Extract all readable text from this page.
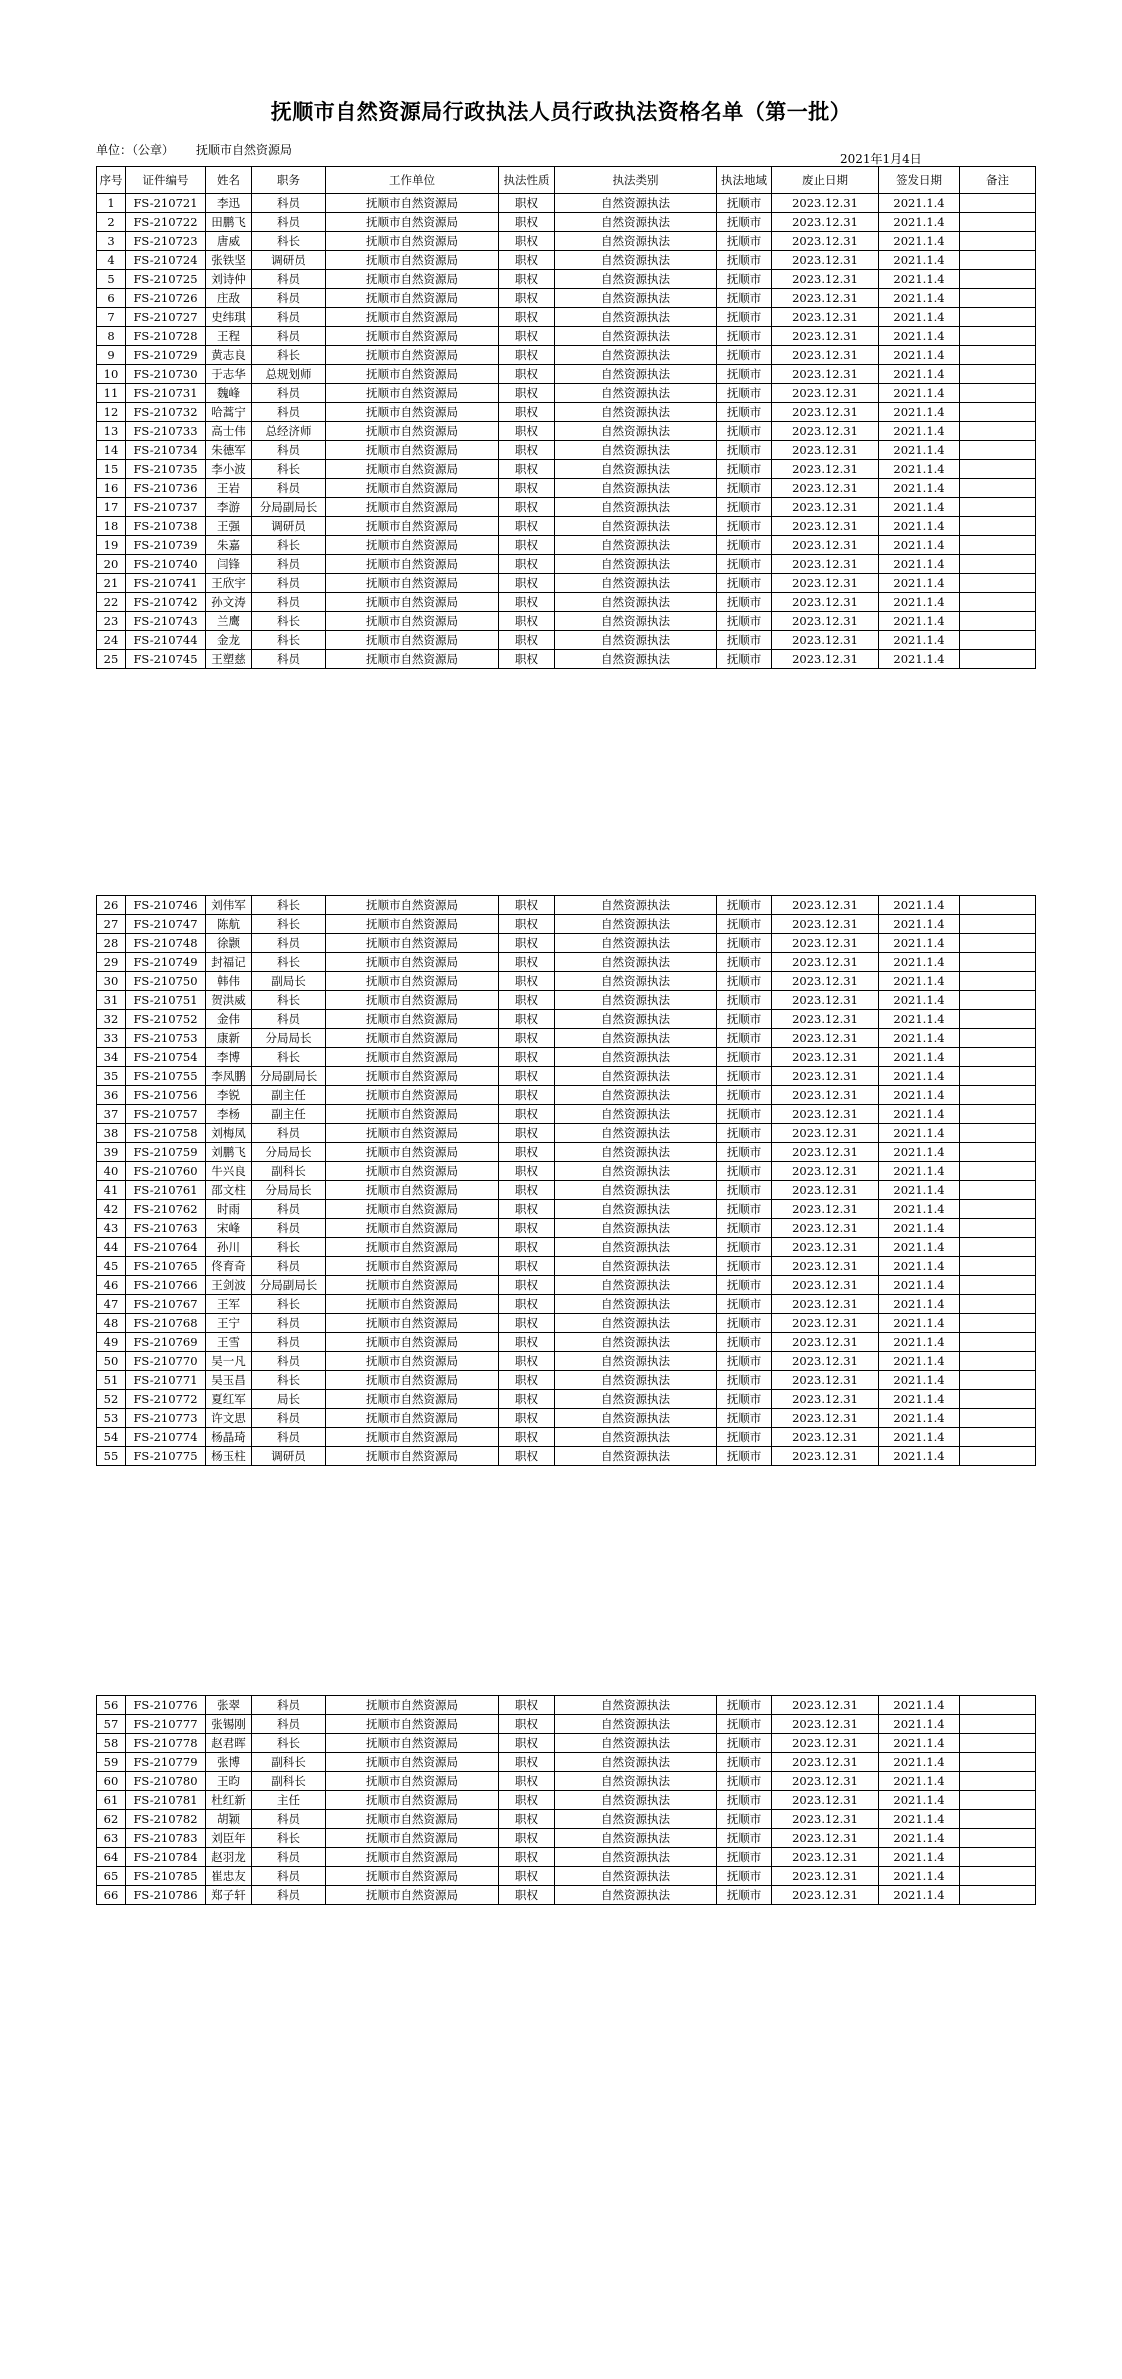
抚顺市自然资源局行政执法人员行政执法资格名单（第一批）
单位：（公章） 抚顺市自然资源局
2021年1月4日
序号	证件编号	姓名	职务	工作单位	执法性质	执法类别	执法地域	废止日期	签发日期	备注
1	FS-210721	李迅	科员	抚顺市自然资源局	职权	自然资源执法	抚顺市	2023.12.31	2021.1.4	
2	FS-210722	田鹏飞	科员	抚顺市自然资源局	职权	自然资源执法	抚顺市	2023.12.31	2021.1.4	
3	FS-210723	唐威	科长	抚顺市自然资源局	职权	自然资源执法	抚顺市	2023.12.31	2021.1.4	
4	FS-210724	张铁坚	调研员	抚顺市自然资源局	职权	自然资源执法	抚顺市	2023.12.31	2021.1.4	
5	FS-210725	刘诗仲	科员	抚顺市自然资源局	职权	自然资源执法	抚顺市	2023.12.31	2021.1.4	
6	FS-210726	庄敌	科员	抚顺市自然资源局	职权	自然资源执法	抚顺市	2023.12.31	2021.1.4	
7	FS-210727	史纬琪	科员	抚顺市自然资源局	职权	自然资源执法	抚顺市	2023.12.31	2021.1.4	
8	FS-210728	王程	科员	抚顺市自然资源局	职权	自然资源执法	抚顺市	2023.12.31	2021.1.4	
9	FS-210729	黄志良	科长	抚顺市自然资源局	职权	自然资源执法	抚顺市	2023.12.31	2021.1.4	
10	FS-210730	于志华	总规划师	抚顺市自然资源局	职权	自然资源执法	抚顺市	2023.12.31	2021.1.4	
11	FS-210731	魏峰	科员	抚顺市自然资源局	职权	自然资源执法	抚顺市	2023.12.31	2021.1.4	
12	FS-210732	哈蒿宁	科员	抚顺市自然资源局	职权	自然资源执法	抚顺市	2023.12.31	2021.1.4	
13	FS-210733	高士伟	总经济师	抚顺市自然资源局	职权	自然资源执法	抚顺市	2023.12.31	2021.1.4	
14	FS-210734	朱德军	科员	抚顺市自然资源局	职权	自然资源执法	抚顺市	2023.12.31	2021.1.4	
15	FS-210735	李小波	科长	抚顺市自然资源局	职权	自然资源执法	抚顺市	2023.12.31	2021.1.4	
16	FS-210736	王岩	科员	抚顺市自然资源局	职权	自然资源执法	抚顺市	2023.12.31	2021.1.4	
17	FS-210737	李游	分局副局长	抚顺市自然资源局	职权	自然资源执法	抚顺市	2023.12.31	2021.1.4	
18	FS-210738	王强	调研员	抚顺市自然资源局	职权	自然资源执法	抚顺市	2023.12.31	2021.1.4	
19	FS-210739	朱嘉	科长	抚顺市自然资源局	职权	自然资源执法	抚顺市	2023.12.31	2021.1.4	
20	FS-210740	闫锋	科员	抚顺市自然资源局	职权	自然资源执法	抚顺市	2023.12.31	2021.1.4	
21	FS-210741	王欣宇	科员	抚顺市自然资源局	职权	自然资源执法	抚顺市	2023.12.31	2021.1.4	
22	FS-210742	孙文涛	科员	抚顺市自然资源局	职权	自然资源执法	抚顺市	2023.12.31	2021.1.4	
23	FS-210743	兰鹰	科长	抚顺市自然资源局	职权	自然资源执法	抚顺市	2023.12.31	2021.1.4	
24	FS-210744	金龙	科长	抚顺市自然资源局	职权	自然资源执法	抚顺市	2023.12.31	2021.1.4	
25	FS-210745	王塑慈	科员	抚顺市自然资源局	职权	自然资源执法	抚顺市	2023.12.31	2021.1.4	
26	FS-210746	刘伟军	科长	抚顺市自然资源局	职权	自然资源执法	抚顺市	2023.12.31	2021.1.4	
27	FS-210747	陈航	科长	抚顺市自然资源局	职权	自然资源执法	抚顺市	2023.12.31	2021.1.4	
28	FS-210748	徐颢	科员	抚顺市自然资源局	职权	自然资源执法	抚顺市	2023.12.31	2021.1.4	
29	FS-210749	封福记	科长	抚顺市自然资源局	职权	自然资源执法	抚顺市	2023.12.31	2021.1.4	
30	FS-210750	韩伟	副局长	抚顺市自然资源局	职权	自然资源执法	抚顺市	2023.12.31	2021.1.4	
31	FS-210751	贺洪威	科长	抚顺市自然资源局	职权	自然资源执法	抚顺市	2023.12.31	2021.1.4	
32	FS-210752	金伟	科员	抚顺市自然资源局	职权	自然资源执法	抚顺市	2023.12.31	2021.1.4	
33	FS-210753	康新	分局局长	抚顺市自然资源局	职权	自然资源执法	抚顺市	2023.12.31	2021.1.4	
34	FS-210754	李博	科长	抚顺市自然资源局	职权	自然资源执法	抚顺市	2023.12.31	2021.1.4	
35	FS-210755	李凤鹏	分局副局长	抚顺市自然资源局	职权	自然资源执法	抚顺市	2023.12.31	2021.1.4	
36	FS-210756	李锐	副主任	抚顺市自然资源局	职权	自然资源执法	抚顺市	2023.12.31	2021.1.4	
37	FS-210757	李杨	副主任	抚顺市自然资源局	职权	自然资源执法	抚顺市	2023.12.31	2021.1.4	
38	FS-210758	刘梅凤	科员	抚顺市自然资源局	职权	自然资源执法	抚顺市	2023.12.31	2021.1.4	
39	FS-210759	刘鹏飞	分局局长	抚顺市自然资源局	职权	自然资源执法	抚顺市	2023.12.31	2021.1.4	
40	FS-210760	牛兴良	副科长	抚顺市自然资源局	职权	自然资源执法	抚顺市	2023.12.31	2021.1.4	
41	FS-210761	邵文柱	分局局长	抚顺市自然资源局	职权	自然资源执法	抚顺市	2023.12.31	2021.1.4	
42	FS-210762	时雨	科员	抚顺市自然资源局	职权	自然资源执法	抚顺市	2023.12.31	2021.1.4	
43	FS-210763	宋峰	科员	抚顺市自然资源局	职权	自然资源执法	抚顺市	2023.12.31	2021.1.4	
44	FS-210764	孙川	科长	抚顺市自然资源局	职权	自然资源执法	抚顺市	2023.12.31	2021.1.4	
45	FS-210765	佟育奇	科员	抚顺市自然资源局	职权	自然资源执法	抚顺市	2023.12.31	2021.1.4	
46	FS-210766	王剑波	分局副局长	抚顺市自然资源局	职权	自然资源执法	抚顺市	2023.12.31	2021.1.4	
47	FS-210767	王军	科长	抚顺市自然资源局	职权	自然资源执法	抚顺市	2023.12.31	2021.1.4	
48	FS-210768	王宁	科员	抚顺市自然资源局	职权	自然资源执法	抚顺市	2023.12.31	2021.1.4	
49	FS-210769	王雪	科员	抚顺市自然资源局	职权	自然资源执法	抚顺市	2023.12.31	2021.1.4	
50	FS-210770	吴一凡	科员	抚顺市自然资源局	职权	自然资源执法	抚顺市	2023.12.31	2021.1.4	
51	FS-210771	吴玉昌	科长	抚顺市自然资源局	职权	自然资源执法	抚顺市	2023.12.31	2021.1.4	
52	FS-210772	夏红军	局长	抚顺市自然资源局	职权	自然资源执法	抚顺市	2023.12.31	2021.1.4	
53	FS-210773	许文思	科员	抚顺市自然资源局	职权	自然资源执法	抚顺市	2023.12.31	2021.1.4	
54	FS-210774	杨晶琦	科员	抚顺市自然资源局	职权	自然资源执法	抚顺市	2023.12.31	2021.1.4	
55	FS-210775	杨玉柱	调研员	抚顺市自然资源局	职权	自然资源执法	抚顺市	2023.12.31	2021.1.4	
56	FS-210776	张翠	科员	抚顺市自然资源局	职权	自然资源执法	抚顺市	2023.12.31	2021.1.4	
57	FS-210777	张锡刚	科员	抚顺市自然资源局	职权	自然资源执法	抚顺市	2023.12.31	2021.1.4	
58	FS-210778	赵君晖	科长	抚顺市自然资源局	职权	自然资源执法	抚顺市	2023.12.31	2021.1.4	
59	FS-210779	张博	副科长	抚顺市自然资源局	职权	自然资源执法	抚顺市	2023.12.31	2021.1.4	
60	FS-210780	王昀	副科长	抚顺市自然资源局	职权	自然资源执法	抚顺市	2023.12.31	2021.1.4	
61	FS-210781	杜红新	主任	抚顺市自然资源局	职权	自然资源执法	抚顺市	2023.12.31	2021.1.4	
62	FS-210782	胡颖	科员	抚顺市自然资源局	职权	自然资源执法	抚顺市	2023.12.31	2021.1.4	
63	FS-210783	刘臣年	科长	抚顺市自然资源局	职权	自然资源执法	抚顺市	2023.12.31	2021.1.4	
64	FS-210784	赵羽龙	科员	抚顺市自然资源局	职权	自然资源执法	抚顺市	2023.12.31	2021.1.4	
65	FS-210785	崔忠友	科员	抚顺市自然资源局	职权	自然资源执法	抚顺市	2023.12.31	2021.1.4	
66	FS-210786	郑子轩	科员	抚顺市自然资源局	职权	自然资源执法	抚顺市	2023.12.31	2021.1.4	
